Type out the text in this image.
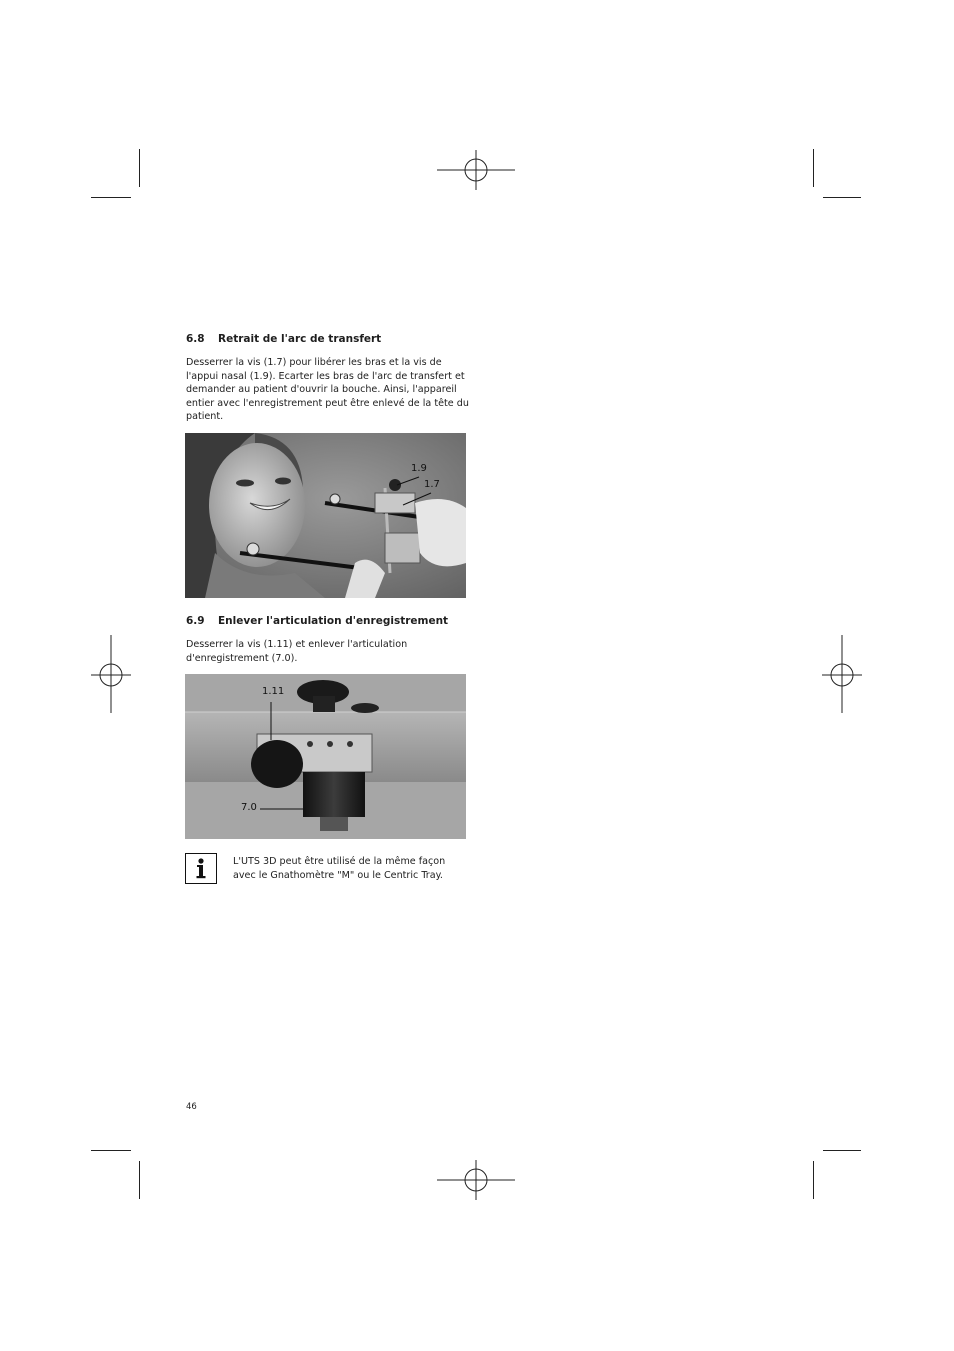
6.8 Retrait de l'arc de transfert

Desserrer la vis (1.7) pour libérer les bras et la vis de l'appui nasal (1.9). Ecarter les bras de l'arc de transfert et demander au patient d'ouvrir la bouche. Ainsi, l'appareil entier avec l'enregistrement peut être enlevé de la tête du patient.

1.9
1.7
6.9 Enlever l'articulation d'enregistrement

Desserrer la vis (1.11) et enlever l'articulation d'enregistrement (7.0).

1.11
7.0

L'UTS 3D peut être utilisé de la même façon avec le Gnathomètre "M" ou le Centric Tray.

46
